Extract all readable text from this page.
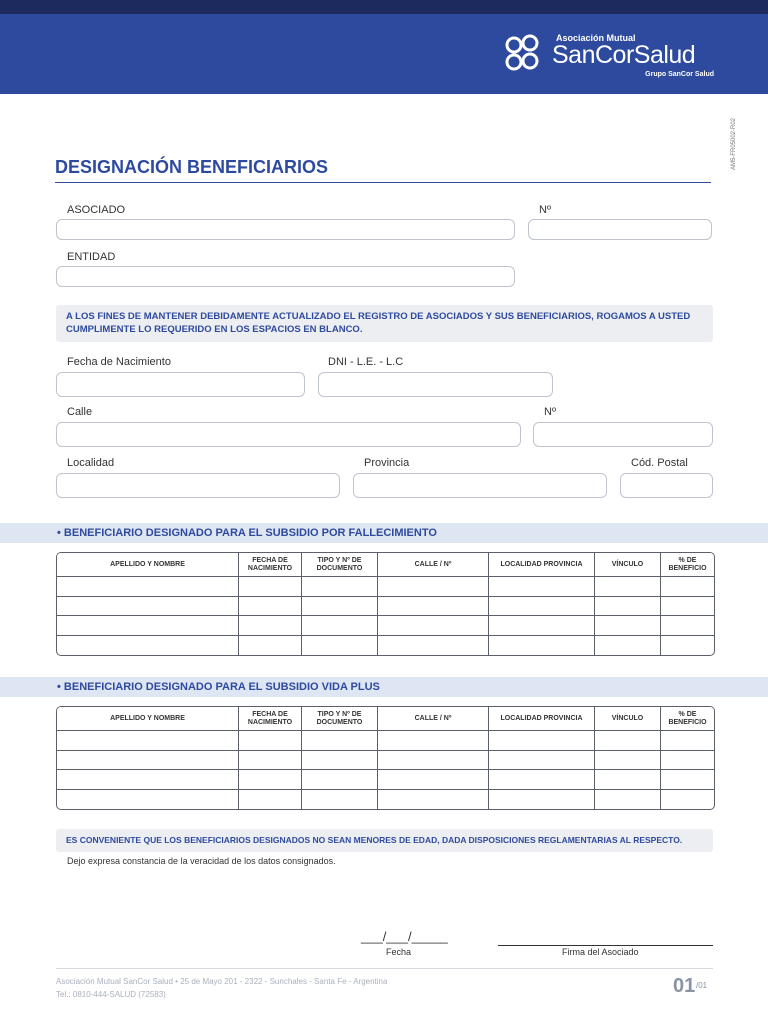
Asociación Mutual
SanCorSalud
Grupo SanCor Salud
AM5-FR05002-R02
DESIGNACIÓN BENEFICIARIOS
ASOCIADO	Nº
ENTIDAD
A LOS FINES DE MANTENER DEBIDAMENTE ACTUALIZADO EL REGISTRO DE ASOCIADOS Y SUS BENEFICIARIOS, ROGAMOS A USTED CUMPLIMENTE LO REQUERIDO EN LOS ESPACIOS EN BLANCO.
Fecha de Nacimiento	DNI - L.E. - L.C
Calle	Nº
Localidad	Provincia	Cód. Postal
• BENEFICIARIO DESIGNADO PARA EL SUBSIDIO POR FALLECIMIENTO
APELLIDO Y NOMBRE	FECHA DE NACIMIENTO	TIPO Y Nº DE DOCUMENTO	CALLE / Nº	LOCALIDAD PROVINCIA	VÍNCULO	% DE BENEFICIO

• BENEFICIARIO DESIGNADO PARA EL SUBSIDIO VIDA PLUS
APELLIDO Y NOMBRE	FECHA DE NACIMIENTO	TIPO Y Nº DE DOCUMENTO	CALLE / Nº	LOCALIDAD PROVINCIA	VÍNCULO	% DE BENEFICIO

ES CONVENIENTE QUE LOS BENEFICIARIOS DESIGNADOS NO SEAN MENORES DE EDAD, DADA DISPOSICIONES REGLAMENTARIAS AL RESPECTO.
Dejo expresa constancia de la veracidad de los datos consignados.
___/___/_____
Fecha	Firma del Asociado
Asociación Mutual SanCor Salud • 25 de Mayo 201 - 2322 - Sunchales - Santa Fe - Argentina
Tel.: 0810-444-SALUD (72583)	01 /01
